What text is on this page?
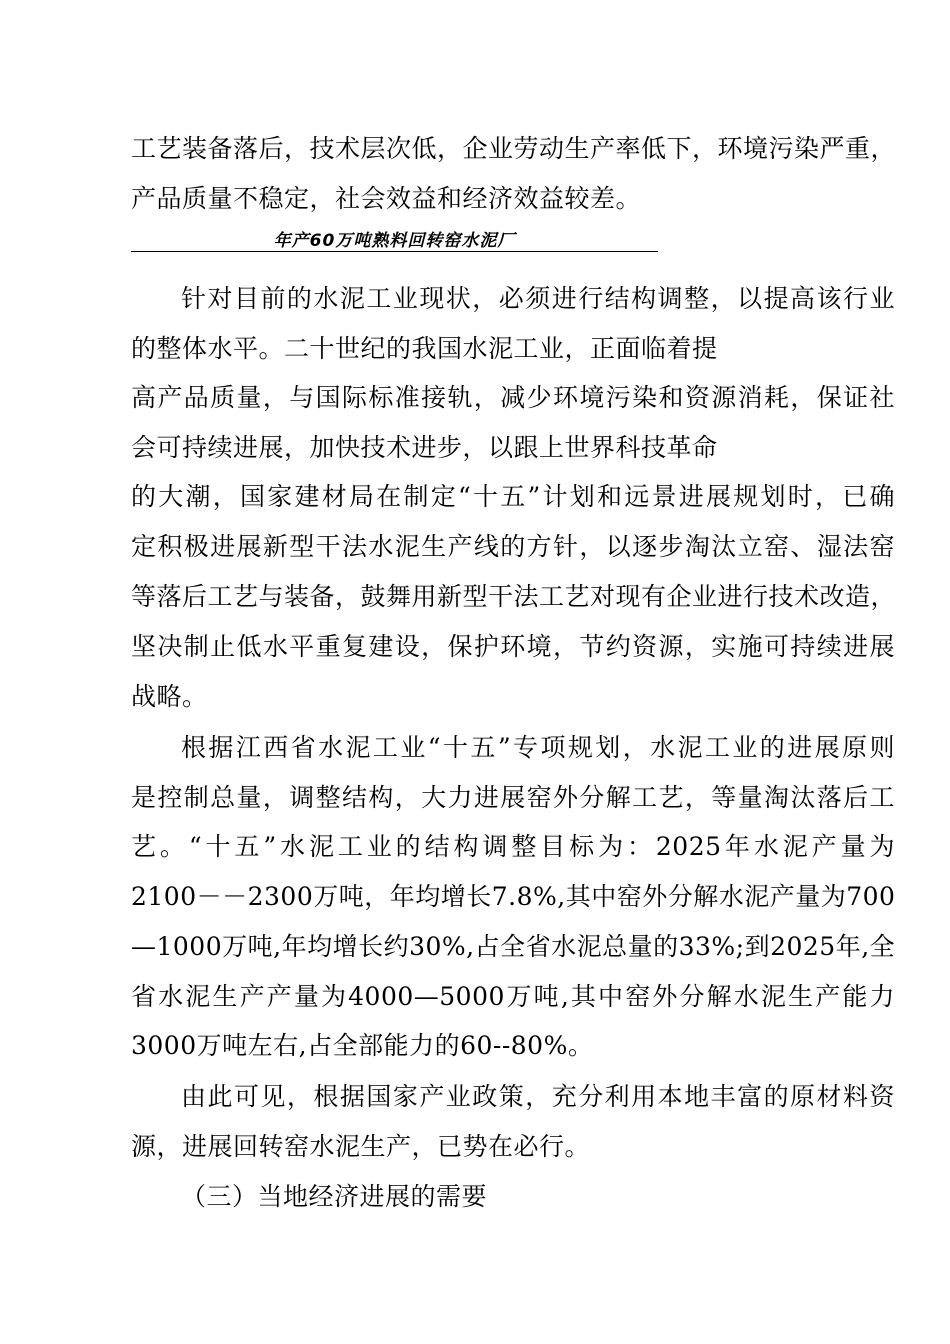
工艺装备落后，技术层次低，企业劳动生产率低下，环境污染严重，
产品质量不稳定，社会效益和经济效益较差。
年产60万吨熟料回转窑水泥厂
针对目前的水泥工业现状，必须进行结构调整，以提高该行业
的整体水平。二十世纪的我国水泥工业，正面临着提
高产品质量，与国际标准接轨，减少环境污染和资源消耗，保证社
会可持续进展，加快技术进步，以跟上世界科技革命
的大潮，国家建材局在制定“十五”计划和远景进展规划时，已确
定积极进展新型干法水泥生产线的方针，以逐步淘汰立窑、湿法窑
等落后工艺与装备，鼓舞用新型干法工艺对现有企业进行技术改造，
坚决制止低水平重复建设，保护环境，节约资源，实施可持续进展
战略。
根据江西省水泥工业“十五”专项规划，水泥工业的进展原则
是控制总量，调整结构，大力进展窑外分解工艺，等量淘汰落后工
艺。“十五”水泥工业的结构调整目标为：2025年水泥产量为
2100－－2300万吨，年均增长7.8%,其中窑外分解水泥产量为700
—1000万吨,年均增长约30%,占全省水泥总量的33%;到2025年,全
省水泥生产产量为4000—5000万吨,其中窑外分解水泥生产能力
3000万吨左右,占全部能力的60--80%。
由此可见，根据国家产业政策，充分利用本地丰富的原材料资
源，进展回转窑水泥生产，已势在必行。
（三）当地经济进展的需要
